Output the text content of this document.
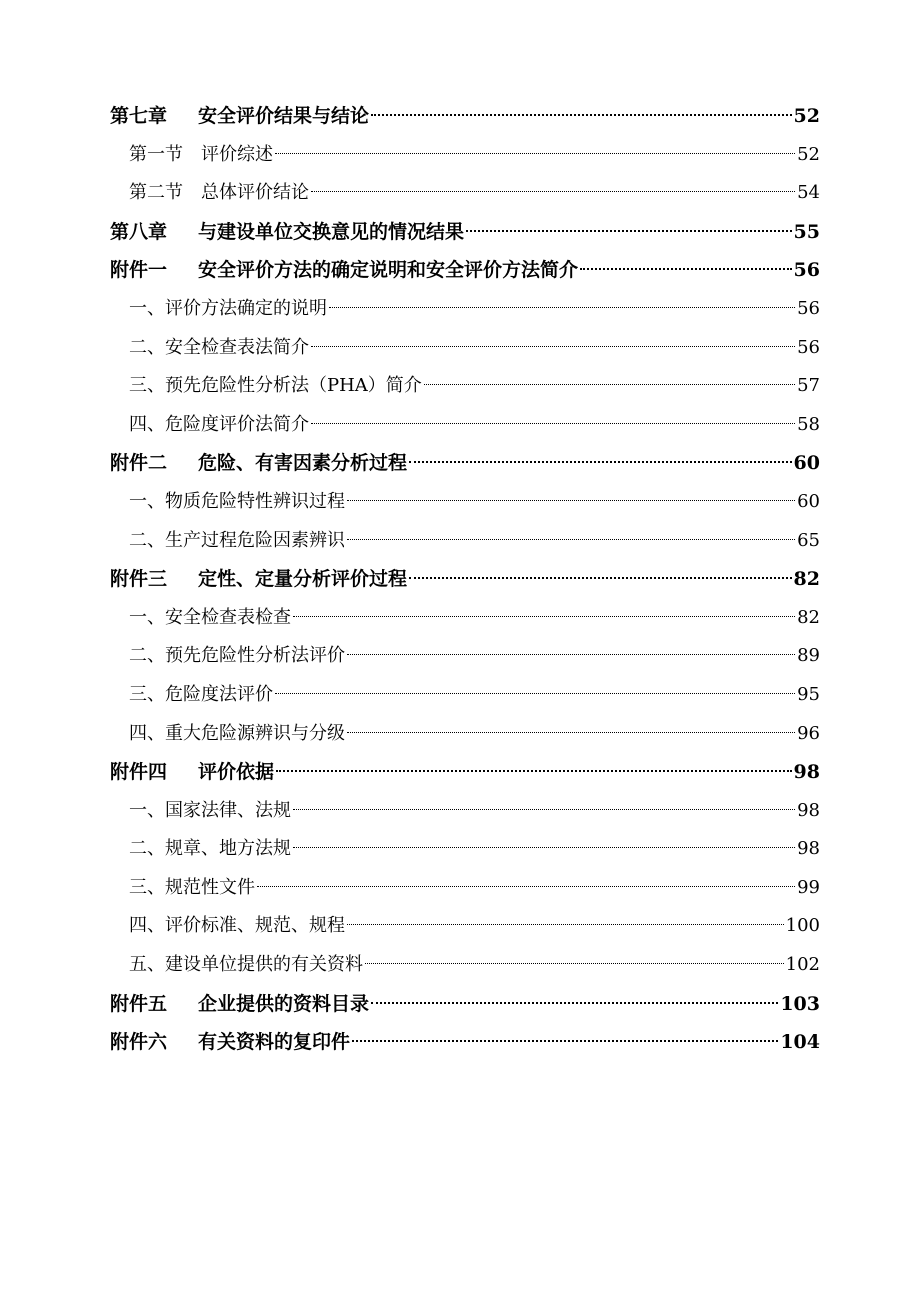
第七章	安全评价结果与结论	52
第一节	评价综述	52
第二节	总体评价结论	54
第八章	与建设单位交换意见的情况结果	55
附件一	安全评价方法的确定说明和安全评价方法简介	56
一、 评价方法确定的说明	56
二、 安全检查表法简介	56
三、 预先危险性分析法（PHA）简介	57
四、 危险度评价法简介	58
附件二	危险、有害因素分析过程	60
一、 物质危险特性辨识过程	60
二、 生产过程危险因素辨识	65
附件三	定性、定量分析评价过程	82
一、 安全检查表检查	82
二、 预先危险性分析法评价	89
三、 危险度法评价	95
四、 重大危险源辨识与分级	96
附件四	评价依据	98
一、 国家法律、法规	98
二、 规章、地方法规	98
三、 规范性文件	99
四、 评价标准、规范、规程	100
五、 建设单位提供的有关资料	102
附件五	企业提供的资料目录	103
附件六	有关资料的复印件	104
